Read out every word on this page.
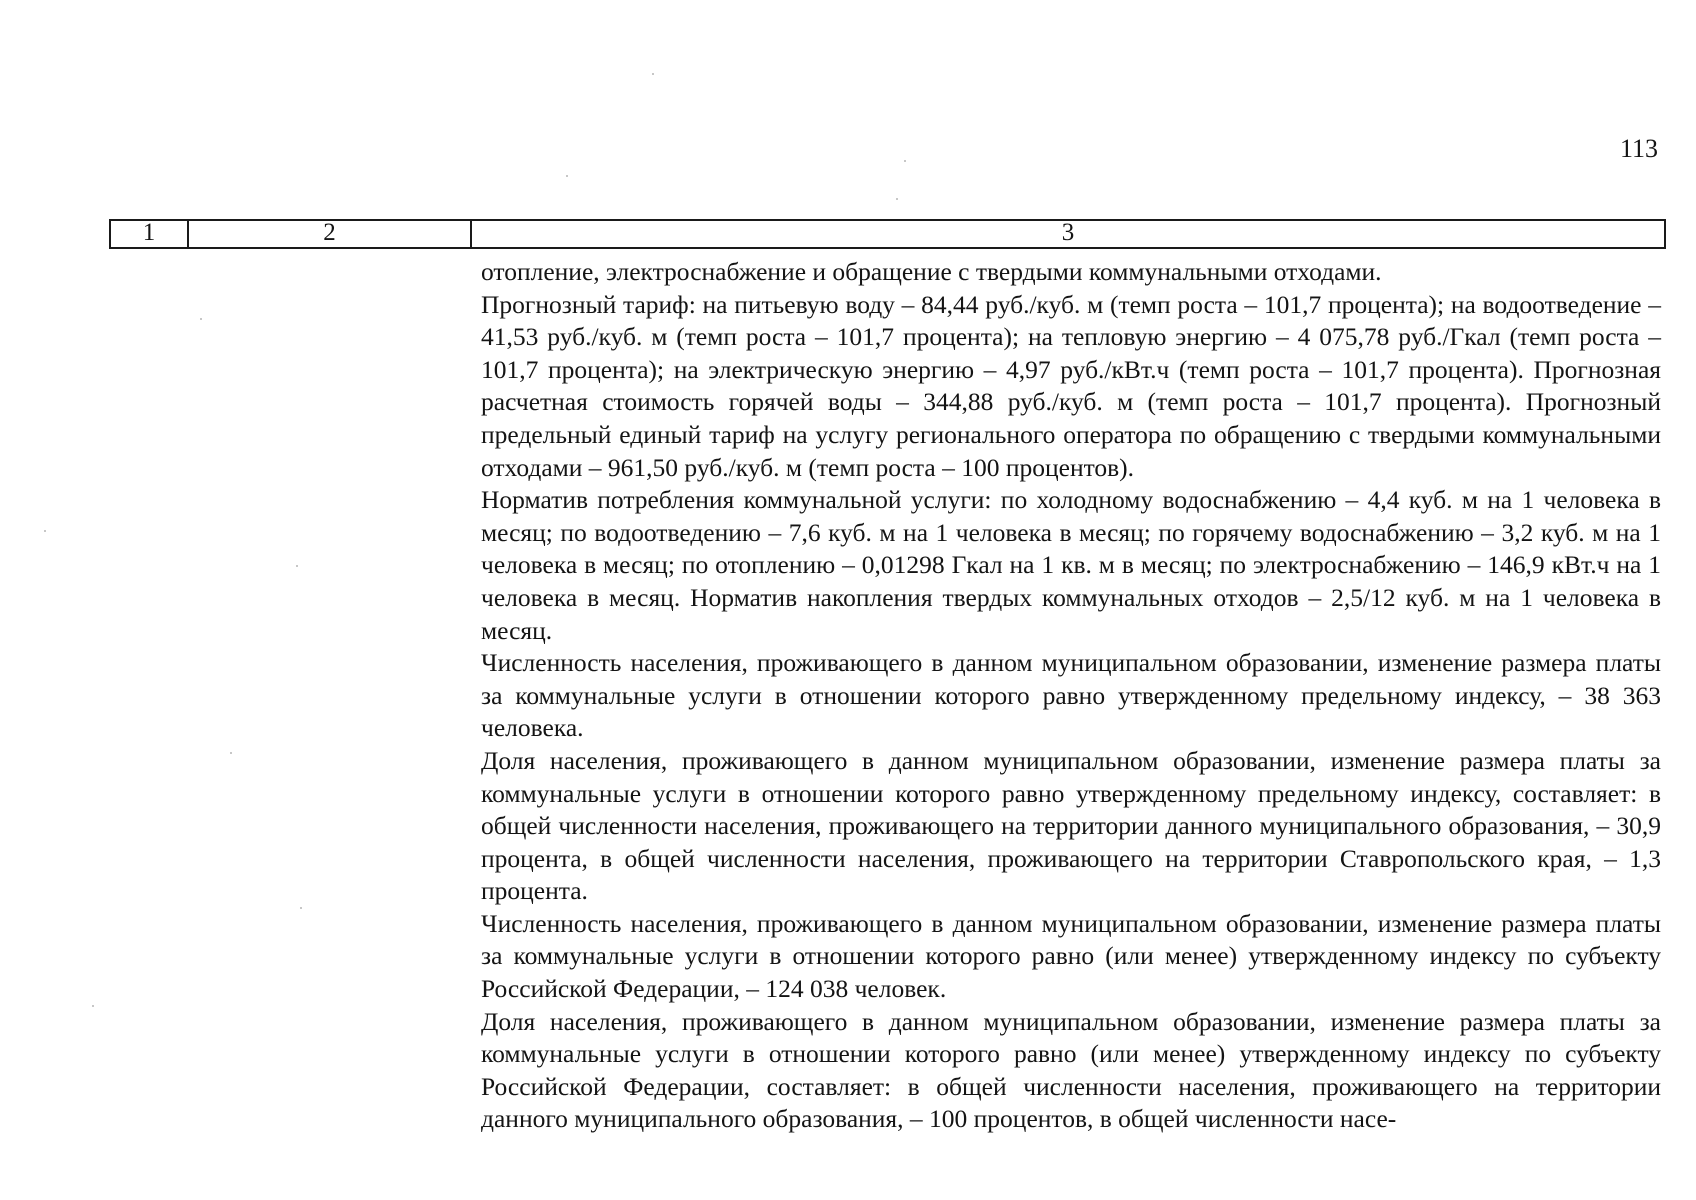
113
1	2	3

отопление, электроснабжение и обращение с твердыми коммунальными отходами.

Прогнозный тариф: на питьевую воду – 84,44 руб./куб. м (темп роста – 101,7 процента); на водоотведение – 41,53 руб./куб. м (темп роста – 101,7 процента); на тепловую энергию – 4 075,78 руб./Гкал (темп роста – 101,7 процента); на электрическую энергию – 4,97 руб./кВт.ч (темп роста – 101,7 процента). Прогнозная расчетная стоимость горячей воды – 344,88 руб./куб. м (темп роста – 101,7 процента). Прогнозный предельный единый тариф на услугу регионального оператора по обращению с твердыми коммунальными отходами – 961,50 руб./куб. м (темп роста – 100 процентов).

Норматив потребления коммунальной услуги: по холодному водоснабжению – 4,4 куб. м на 1 человека в месяц; по водоотведению – 7,6 куб. м на 1 человека в месяц; по горячему водоснабжению – 3,2 куб. м на 1 человека в месяц; по отоплению – 0,01298 Гкал на 1 кв. м в месяц; по электроснабжению – 146,9 кВт.ч на 1 человека в месяц. Норматив накопления твердых коммунальных отходов – 2,5/12 куб. м на 1 человека в месяц.

Численность населения, проживающего в данном муниципальном образовании, изменение размера платы за коммунальные услуги в отношении которого равно утвержденному предельному индексу, – 38 363 человека.

Доля населения, проживающего в данном муниципальном образовании, изменение размера платы за коммунальные услуги в отношении которого равно утвержденному предельному индексу, составляет: в общей численности населения, проживающего на территории данного муниципального образования, – 30,9 процента, в общей численности населения, проживающего на территории Ставропольского края, – 1,3 процента.

Численность населения, проживающего в данном муниципальном образовании, изменение размера платы за коммунальные услуги в отношении которого равно (или менее) утвержденному индексу по субъекту Российской Федерации, – 124 038 человек.

Доля населения, проживающего в данном муниципальном образовании, изменение размера платы за коммунальные услуги в отношении которого равно (или менее) утвержденному индексу по субъекту Российской Федерации, составляет: в общей численности населения, проживающего на территории данного муниципального образования, – 100 процентов, в общей численности насе-
